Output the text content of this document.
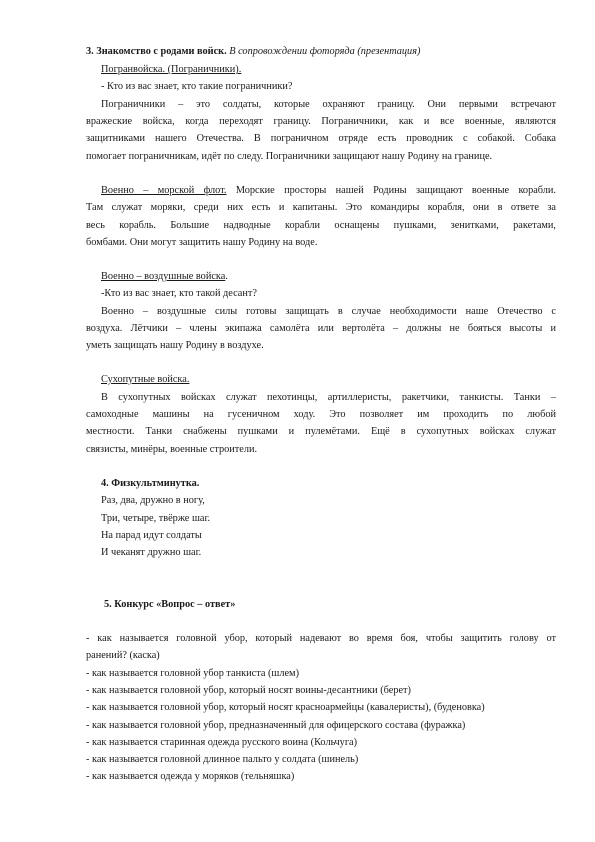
3. Знакомство с родами войск. В сопровождении фоторяда (презентация)

Погранвойска. (Пограничники).

- Кто из вас знает, кто такие пограничники?

Пограничники – это солдаты, которые охраняют границу. Они первыми встречают

вражеские войска, когда переходят границу. Пограничники, как и все военные, являются

защитниками нашего Отечества. В пограничном отряде есть проводник с собакой. Собака

помогает пограничникам, идёт по следу. Пограничники защищают нашу Родину на границе.

Военно – морской флот. Морские просторы нашей Родины защищают военные корабли.

Там служат моряки, среди них есть и капитаны. Это командиры корабля, они в ответе за

весь корабль. Большие надводные корабли оснащены пушками, зенитками, ракетами,

бомбами. Они могут защитить нашу Родину на воде.

Военно – воздушные войска.

-Кто из вас знает, кто такой десант?

Военно – воздушные силы готовы защищать в случае необходимости наше Отечество с

воздуха. Лётчики – члены экипажа самолёта или вертолёта – должны не бояться высоты и

уметь защищать нашу Родину в воздухе.

Сухопутные войска.

В сухопутных войсках служат пехотинцы, артиллеристы, ракетчики, танкисты. Танки –

самоходные машины на гусеничном ходу. Это позволяет им проходить по любой

местности. Танки снабжены пушками и пулемётами. Ещё в сухопутных войсках служат

связисты, минёры, военные строители.

4. Физкультминутка.

Раз, два, дружно в ногу,

Три, четыре, твёрже шаг.

На парад идут солдаты

И чеканят дружно шаг.

5. Конкурс «Вопрос – ответ»

- как называется головной убор, который надевают во время боя, чтобы защитить голову от

ранений? (каска)

- как называется головной убор танкиста (шлем)

- как называется головной убор, который носят воины-десантники (берет)

- как называется головной убор, который носят красноармейцы (кавалеристы), (буденовка)

- как называется головной убор, предназначенный для офицерского состава (фуражка)

- как называется старинная одежда русского воина (Кольчуга)

- как называется головной длинное пальто у солдата (шинель)

- как называется одежда у моряков (тельняшка)
